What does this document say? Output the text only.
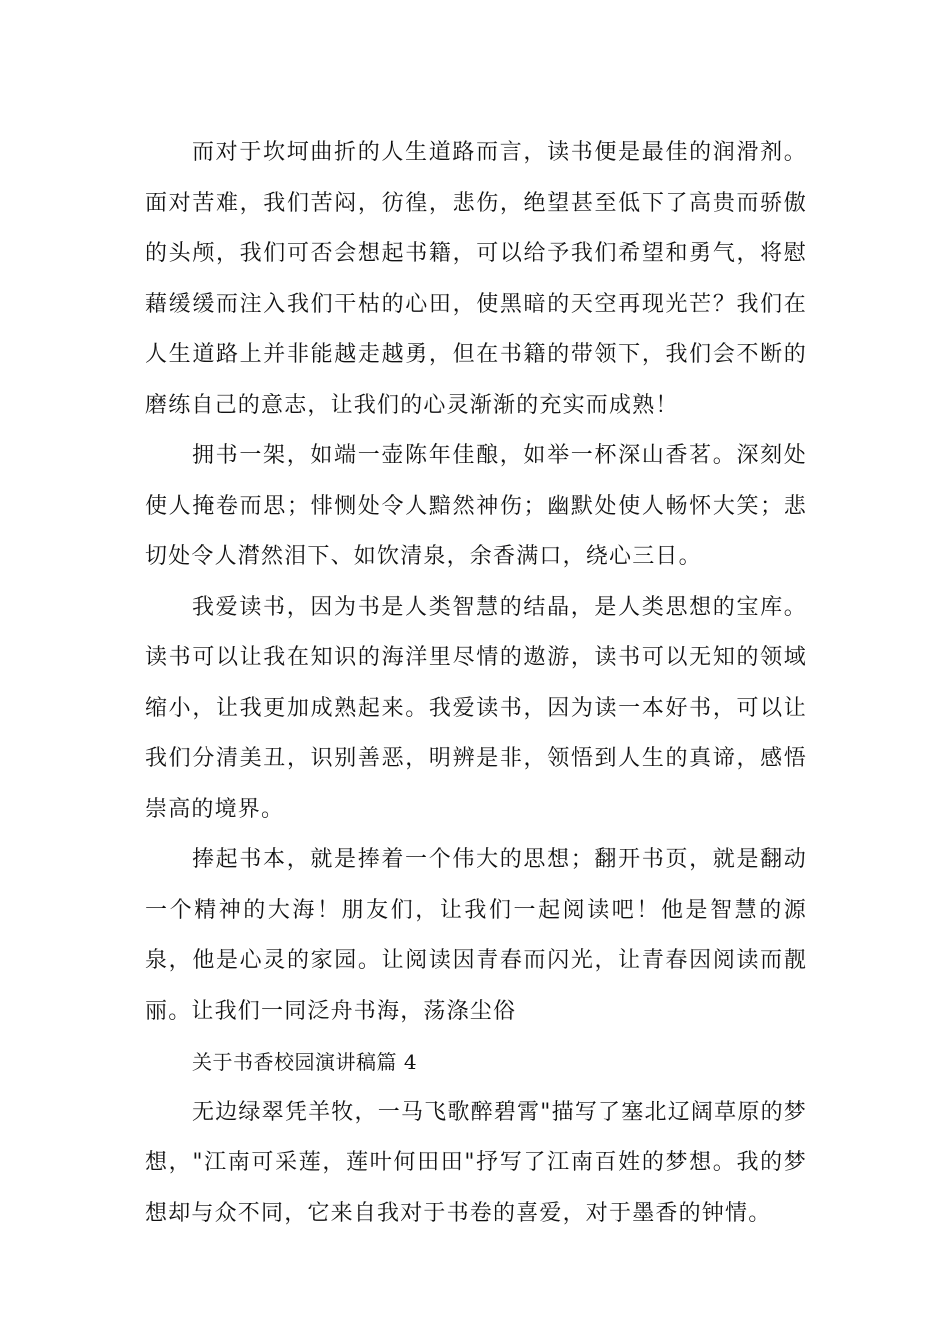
而对于坎坷曲折的人生道路而言，读书便是最佳的润滑剂。面对苦难，我们苦闷，彷徨，悲伤，绝望甚至低下了高贵而骄傲的头颅，我们可否会想起书籍，可以给予我们希望和勇气，将慰藉缓缓而注入我们干枯的心田，使黑暗的天空再现光芒？我们在人生道路上并非能越走越勇，但在书籍的带领下，我们会不断的磨练自己的意志，让我们的心灵渐渐的充实而成熟！

拥书一架，如端一壶陈年佳酿，如举一杯深山香茗。深刻处使人掩卷而思；悱恻处令人黯然神伤；幽默处使人畅怀大笑；悲切处令人潸然泪下、如饮清泉，余香满口，绕心三日。

我爱读书，因为书是人类智慧的结晶，是人类思想的宝库。读书可以让我在知识的海洋里尽情的遨游，读书可以无知的领域缩小，让我更加成熟起来。我爱读书，因为读一本好书，可以让我们分清美丑，识别善恶，明辨是非，领悟到人生的真谛，感悟崇高的境界。

捧起书本，就是捧着一个伟大的思想；翻开书页，就是翻动一个精神的大海！朋友们，让我们一起阅读吧！他是智慧的源泉，他是心灵的家园。让阅读因青春而闪光，让青春因阅读而靓丽。让我们一同泛舟书海，荡涤尘俗

关于书香校园演讲稿篇 4

无边绿翠凭羊牧，一马飞歌醉碧霄"描写了塞北辽阔草原的梦想，"江南可采莲，莲叶何田田"抒写了江南百姓的梦想。我的梦想却与众不同，它来自我对于书卷的喜爱，对于墨香的钟情。
